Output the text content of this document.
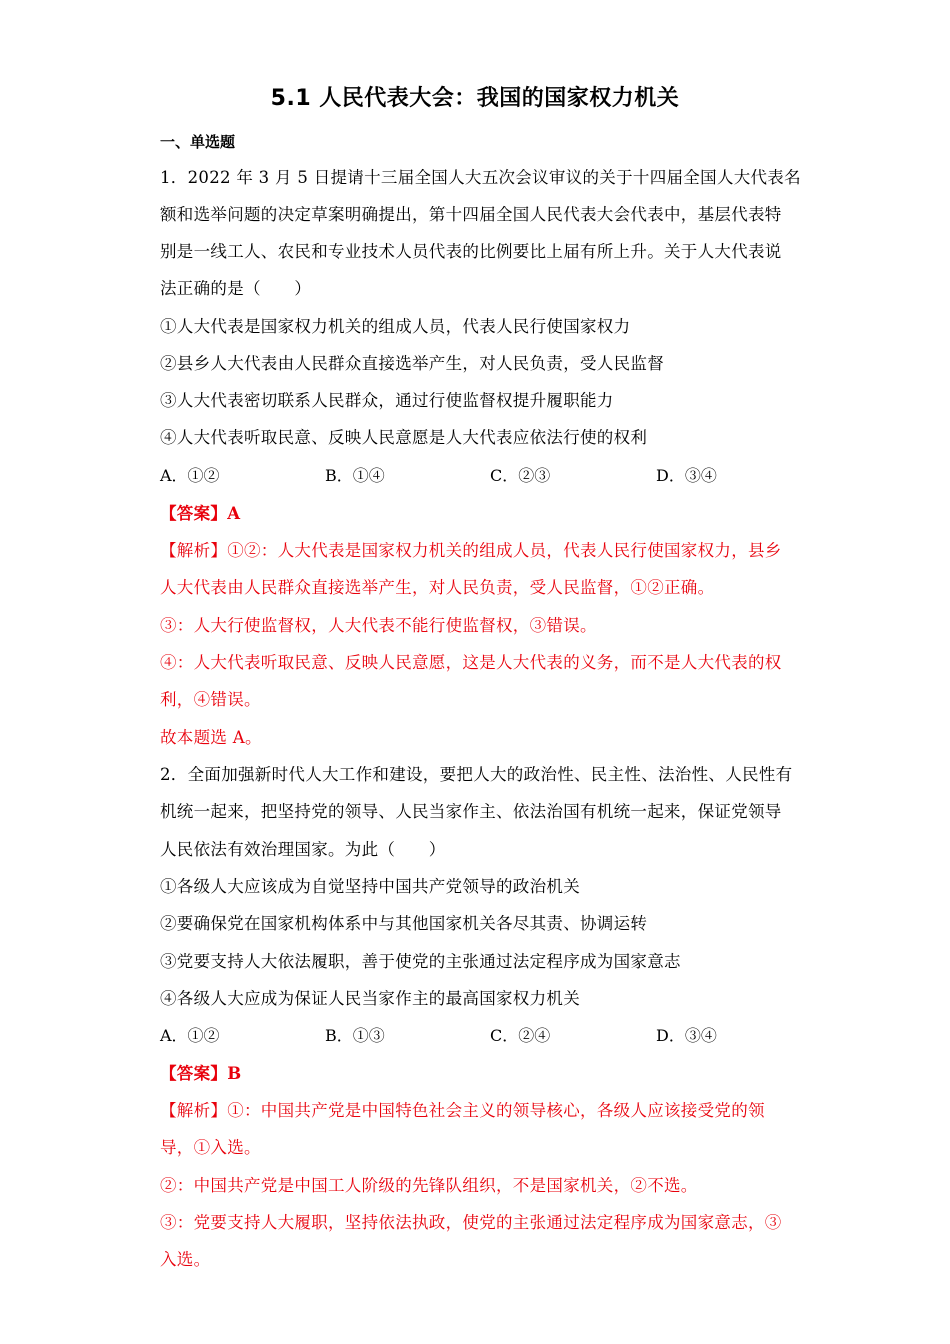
5.1 人民代表大会：我国的国家权力机关
一、单选题
1．2022 年 3 月 5 日提请十三届全国人大五次会议审议的关于十四届全国人大代表名
额和选举问题的决定草案明确提出，第十四届全国人民代表大会代表中，基层代表特
别是一线工人、农民和专业技术人员代表的比例要比上届有所上升。关于人大代表说
法正确的是（　　）
①人大代表是国家权力机关的组成人员，代表人民行使国家权力
②县乡人大代表由人民群众直接选举产生，对人民负责，受人民监督
③人大代表密切联系人民群众，通过行使监督权提升履职能力
④人大代表听取民意、反映人民意愿是人大代表应依法行使的权利
A．①②	B．①④	C．②③	D．③④
【答案】A
【解析】①②：人大代表是国家权力机关的组成人员，代表人民行使国家权力，县乡
人大代表由人民群众直接选举产生，对人民负责，受人民监督，①②正确。
③：人大行使监督权，人大代表不能行使监督权，③错误。
④：人大代表听取民意、反映人民意愿，这是人大代表的义务，而不是人大代表的权
利，④错误。
故本题选 A。
2．全面加强新时代人大工作和建设，要把人大的政治性、民主性、法治性、人民性有
机统一起来，把坚持党的领导、人民当家作主、依法治国有机统一起来，保证党领导
人民依法有效治理国家。为此（　　）
①各级人大应该成为自觉坚持中国共产党领导的政治机关
②要确保党在国家机构体系中与其他国家机关各尽其责、协调运转
③党要支持人大依法履职，善于使党的主张通过法定程序成为国家意志
④各级人大应成为保证人民当家作主的最高国家权力机关
A．①②	B．①③	C．②④	D．③④
【答案】B
【解析】①：中国共产党是中国特色社会主义的领导核心，各级人应该接受党的领
导，①入选。
②：中国共产党是中国工人阶级的先锋队组织，不是国家机关，②不选。
③：党要支持人大履职，坚持依法执政，使党的主张通过法定程序成为国家意志，③
入选。
